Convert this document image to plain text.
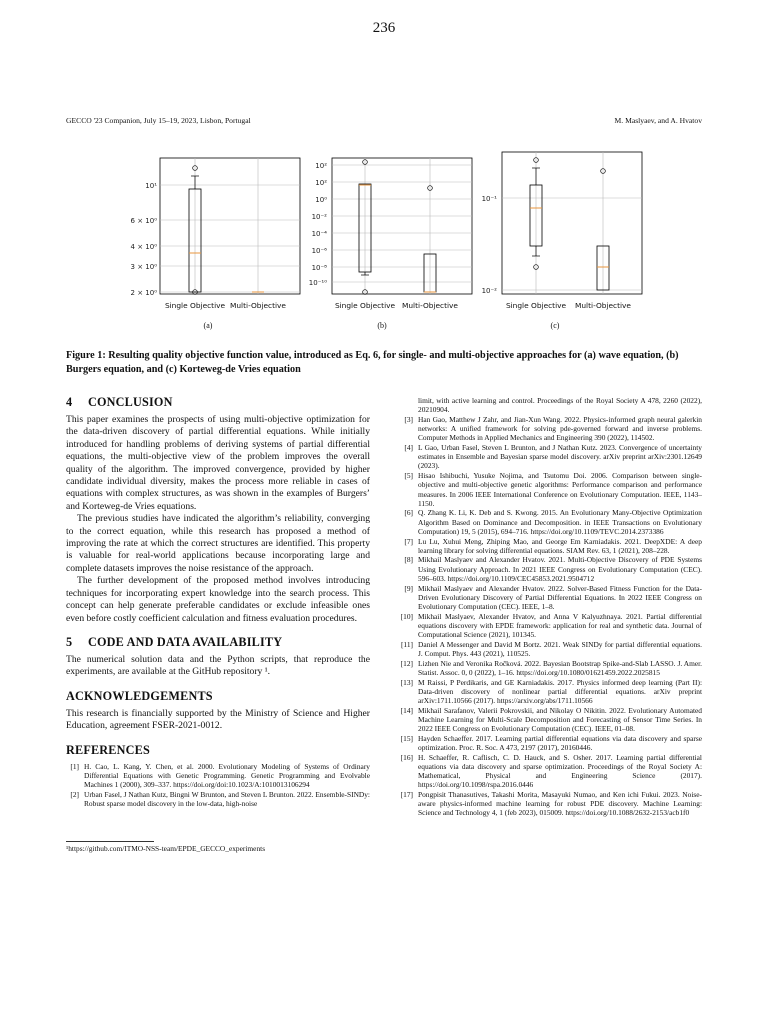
236
GECCO '23 Companion, July 15–19, 2023, Lisbon, Portugal	M. Maslyaev, and A. Hvatov
10¹
6 × 10⁰
4 × 10⁰
3 × 10⁰
2 × 10⁰
Single Objective Multi-Objective
(a)
10²
10²
10⁰
10⁻²
10⁻⁴
10⁻⁶
10⁻⁸
10⁻¹⁰
Single Objective Multi-Objective
(b)
10⁻¹
10⁻²
Single Objective Multi-Objective
(c)
Figure 1: Resulting quality objective function value, introduced as Eq. 6, for single- and multi-objective approaches for (a) wave equation, (b) Burgers equation, and (c) Korteweg-de Vries equation
4 CONCLUSION

This paper examines the prospects of using multi-objective optimization for the data-driven discovery of partial differential equations. While initially introduced for handling problems of deriving systems of partial differential equations, the multi-objective view of the problem improves the overall quality of the algorithm. The improved convergence, provided by higher candidate individual diversity, makes the process more reliable in cases of equations with complex structures, as was shown in the examples of Burgers’ and Korteweg-de Vries equations.

The previous studies have indicated the algorithm’s reliability, converging to the correct equation, while this research has proposed a method of improving the rate at which the correct structures are identified. This property is valuable for real-world applications because incorporating large and complete datasets improves the noise resistance of the approach.

The further development of the proposed method involves introducing techniques for incorporating expert knowledge into the search process. This concept can help generate preferable candidates or exclude infeasible ones even before costly coefficient calculation and fitness evaluation procedures.

5 CODE AND DATA AVAILABILITY

The numerical solution data and the Python scripts, that reproduce the experiments, are available at the GitHub repository ¹.

ACKNOWLEDGEMENTS

This research is financially supported by the Ministry of Science and Higher Education, agreement FSER-2021-0012.

REFERENCES
[1] H. Cao, L. Kang, Y. Chen, et al. 2000. Evolutionary Modeling of Systems of Ordinary Differential Equations with Genetic Programming. Genetic Programming and Evolvable Machines 1 (2000), 309–337. https://doi.org/doi:10.1023/A:1010013106294
[2] Urban Fasel, J Nathan Kutz, Bingni W Brunton, and Steven L Brunton. 2022. Ensemble-SINDy: Robust sparse model discovery in the low-data, high-noise
¹https://github.com/ITMO-NSS-team/EPDE_GECCO_experiments
limit, with active learning and control. Proceedings of the Royal Society A 478, 2260 (2022), 20210904.
[3] Han Gao, Matthew J Zahr, and Jian-Xun Wang. 2022. Physics-informed graph neural galerkin networks: A unified framework for solving pde-governed forward and inverse problems. Computer Methods in Applied Mechanics and Engineering 390 (2022), 114502.
[4] L Gao, Urban Fasel, Steven L Brunton, and J Nathan Kutz. 2023. Convergence of uncertainty estimates in Ensemble and Bayesian sparse model discovery. arXiv preprint arXiv:2301.12649 (2023).
[5] Hisao Ishibuchi, Yusuke Nojima, and Tsutomu Doi. 2006. Comparison between single-objective and multi-objective genetic algorithms: Performance comparison and performance measures. In 2006 IEEE International Conference on Evolutionary Computation. IEEE, 1143–1150.
[6] Q. Zhang K. Li, K. Deb and S. Kwong. 2015. An Evolutionary Many-Objective Optimization Algorithm Based on Dominance and Decomposition. in IEEE Transactions on Evolutionary Computation) 19, 5 (2015), 694–716. https://doi.org/10.1109/TEVC.2014.2373386
[7] Lu Lu, Xuhui Meng, Zhiping Mao, and George Em Karniadakis. 2021. DeepXDE: A deep learning library for solving differential equations. SIAM Rev. 63, 1 (2021), 208–228.
[8] Mikhail Maslyaev and Alexander Hvatov. 2021. Multi-Objective Discovery of PDE Systems Using Evolutionary Approach. In 2021 IEEE Congress on Evolutionary Computation (CEC). 596–603. https://doi.org/10.1109/CEC45853.2021.9504712
[9] Mikhail Maslyaev and Alexander Hvatov. 2022. Solver-Based Fitness Function for the Data-Driven Evolutionary Discovery of Partial Differential Equations. In 2022 IEEE Congress on Evolutionary Computation (CEC). IEEE, 1–8.
[10] Mikhail Maslyaev, Alexander Hvatov, and Anna V Kalyuzhnaya. 2021. Partial differential equations discovery with EPDE framework: application for real and synthetic data. Journal of Computational Science (2021), 101345.
[11] Daniel A Messenger and David M Bortz. 2021. Weak SINDy for partial differential equations. J. Comput. Phys. 443 (2021), 110525.
[12] Lizhen Nie and Veronika Ročková. 2022. Bayesian Bootstrap Spike-and-Slab LASSO. J. Amer. Statist. Assoc. 0, 0 (2022), 1–16. https://doi.org/10.1080/01621459.2022.2025815
[13] M Raissi, P Perdikaris, and GE Karniadakis. 2017. Physics informed deep learning (Part II): Data-driven discovery of nonlinear partial differential equations. arXiv preprint arXiv:1711.10566 (2017). https://arxiv.org/abs/1711.10566
[14] Mikhail Sarafanov, Valerii Pokrovskii, and Nikolay O Nikitin. 2022. Evolutionary Automated Machine Learning for Multi-Scale Decomposition and Forecasting of Sensor Time Series. In 2022 IEEE Congress on Evolutionary Computation (CEC). IEEE, 01–08.
[15] Hayden Schaeffer. 2017. Learning partial differential equations via data discovery and sparse optimization. Proc. R. Soc. A 473, 2197 (2017), 20160446.
[16] H. Schaeffer, R. Caflisch, C. D. Hauck, and S. Osher. 2017. Learning partial differential equations via data discovery and sparse optimization. Proceedings of the Royal Society A: Mathematical, Physical and Engineering Science (2017). https://doi.org/10.1098/rspa.2016.0446
[17] Pongpisit Thanasutives, Takashi Morita, Masayuki Numao, and Ken ichi Fukui. 2023. Noise-aware physics-informed machine learning for robust PDE discovery. Machine Learning: Science and Technology 4, 1 (feb 2023), 015009. https://doi.org/10.1088/2632-2153/acb1f0
